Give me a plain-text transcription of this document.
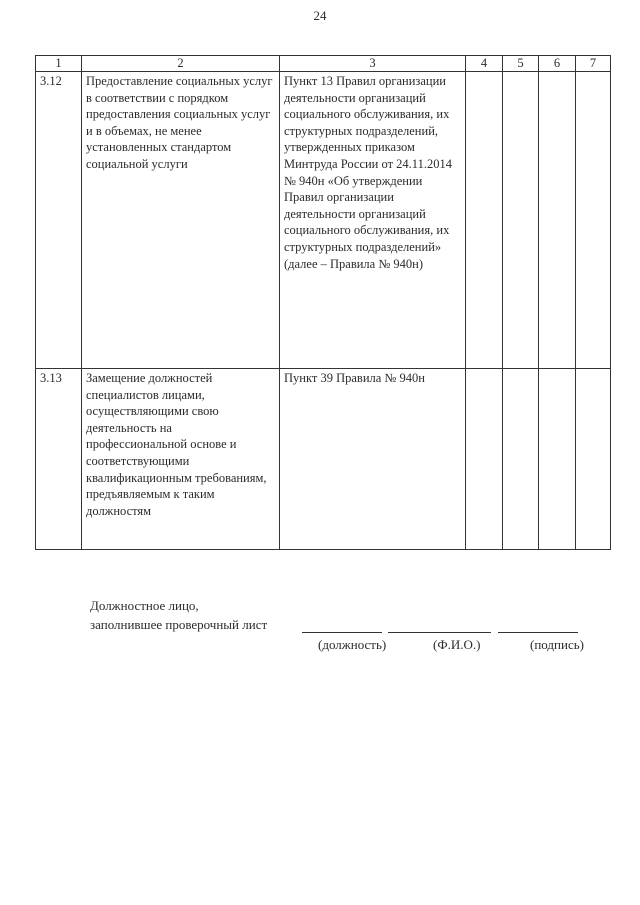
24
1	2	3	4	5	6	7
3.12	Предоставление социальных услуг в соответствии с порядком предоставления социальных услуг и в объемах, не менее установленных стандартом социальной услуги	Пункт 13 Правил организации деятельности организаций социального обслуживания, их структурных подразделений, утвержденных приказом Минтруда России от 24.11.2014 № 940н «Об утверждении Правил организации деятельности организаций социального обслуживания, их структурных подразделений» (далее – Правила № 940н)				
3.13	Замещение должностей специалистов лицами, осуществляющими свою деятельность на профессиональной основе и соответствующими квалификационным требованиям, предъявляемым к таким должностям	Пункт 39 Правила № 940н				
Должностное лицо,
заполнившее проверочный лист
(должность)	(Ф.И.О.)	(подпись)
